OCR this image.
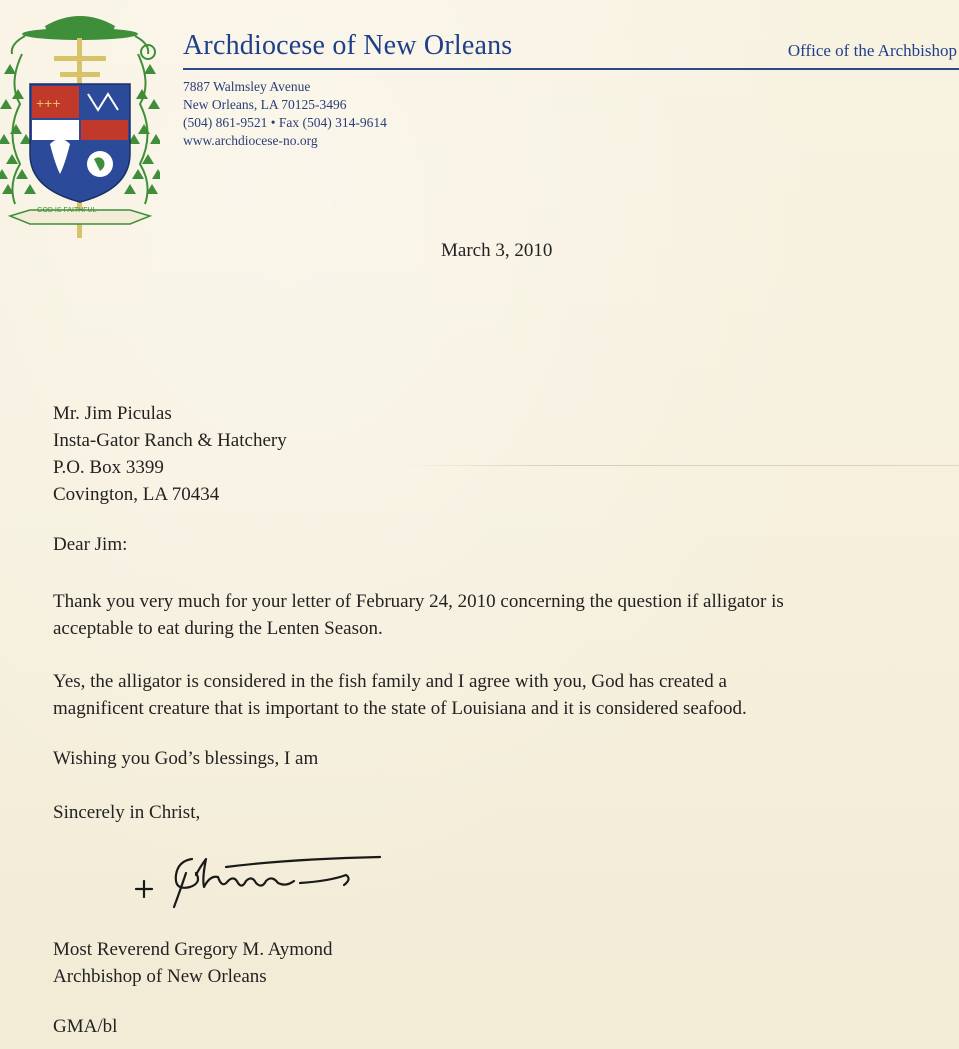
+++
GOD IS FAITHFUL
Archdiocese of New Orleans	Office of the Archbishop
7887 Walmsley Avenue
New Orleans, LA 70125-3496
(504) 861-9521 • Fax (504) 314-9614
www.archdiocese-no.org
March 3, 2010
Mr. Jim Piculas
Insta-Gator Ranch & Hatchery
P.O. Box 3399
Covington, LA 70434
Dear Jim:
Thank you very much for your letter of February 24, 2010 concerning the question if alligator is
acceptable to eat during the Lenten Season.
Yes, the alligator is considered in the fish family and I agree with you, God has created a
magnificent creature that is important to the state of Louisiana and it is considered seafood.
Wishing you God’s blessings, I am
Sincerely in Christ,
Most Reverend Gregory M. Aymond
Archbishop of New Orleans
GMA/bl
